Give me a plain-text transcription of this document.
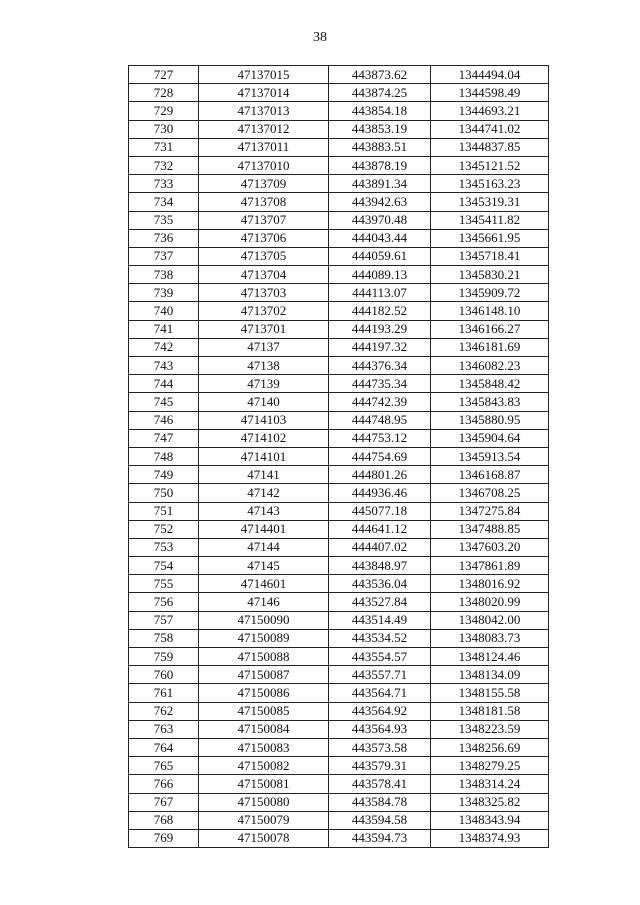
38
727	47137015	443873.62	1344494.04
728	47137014	443874.25	1344598.49
729	47137013	443854.18	1344693.21
730	47137012	443853.19	1344741.02
731	47137011	443883.51	1344837.85
732	47137010	443878.19	1345121.52
733	4713709	443891.34	1345163.23
734	4713708	443942.63	1345319.31
735	4713707	443970.48	1345411.82
736	4713706	444043.44	1345661.95
737	4713705	444059.61	1345718.41
738	4713704	444089.13	1345830.21
739	4713703	444113.07	1345909.72
740	4713702	444182.52	1346148.10
741	4713701	444193.29	1346166.27
742	47137	444197.32	1346181.69
743	47138	444376.34	1346082.23
744	47139	444735.34	1345848.42
745	47140	444742.39	1345843.83
746	4714103	444748.95	1345880.95
747	4714102	444753.12	1345904.64
748	4714101	444754.69	1345913.54
749	47141	444801.26	1346168.87
750	47142	444936.46	1346708.25
751	47143	445077.18	1347275.84
752	4714401	444641.12	1347488.85
753	47144	444407.02	1347603.20
754	47145	443848.97	1347861.89
755	4714601	443536.04	1348016.92
756	47146	443527.84	1348020.99
757	47150090	443514.49	1348042.00
758	47150089	443534.52	1348083.73
759	47150088	443554.57	1348124.46
760	47150087	443557.71	1348134.09
761	47150086	443564.71	1348155.58
762	47150085	443564.92	1348181.58
763	47150084	443564.93	1348223.59
764	47150083	443573.58	1348256.69
765	47150082	443579.31	1348279.25
766	47150081	443578.41	1348314.24
767	47150080	443584.78	1348325.82
768	47150079	443594.58	1348343.94
769	47150078	443594.73	1348374.93
